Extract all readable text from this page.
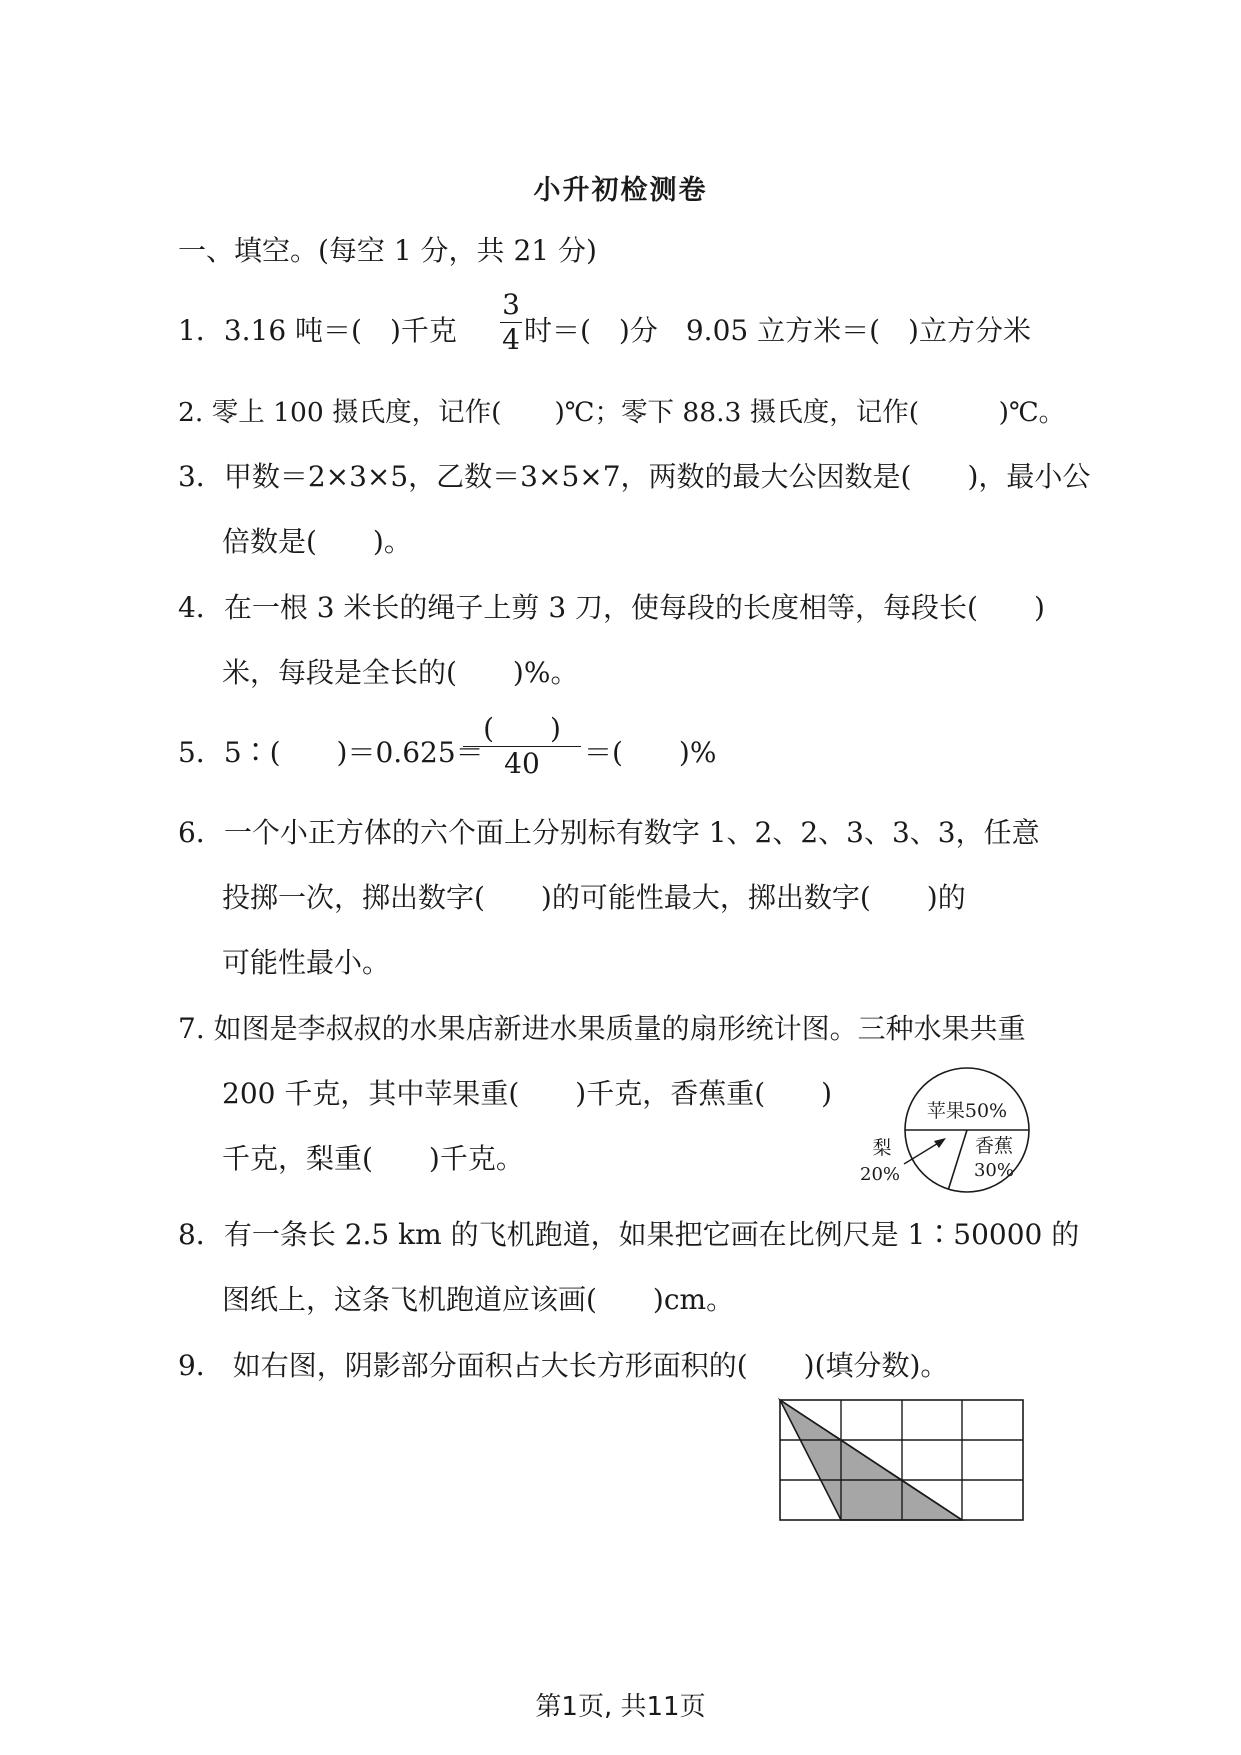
小升初检测卷
一、填空。(每空 1 分，共 21 分)
1．3.16 吨＝(　)千克
3
4 时＝(　)分　9.05 立方米＝(　)立方分米
2. 零上 100 摄氏度，记作(　　)℃；零下 88.3 摄氏度，记作(　　　)℃。
3．甲数＝2×3×5，乙数＝3×5×7，两数的最大公因数是(　　)，最小公
倍数是(　　)。
4．在一根 3 米长的绳子上剪 3 刀，使每段的长度相等，每段长(　　)
米，每段是全长的(　　)%。
5．5∶(　　)＝0.625＝
(　　)
40	＝(　　)%
6．一个小正方体的六个面上分别标有数字 1、2、2、3、3、3，任意
投掷一次，掷出数字(　　)的可能性最大，掷出数字(　　)的
可能性最小。
7. 如图是李叔叔的水果店新进水果质量的扇形统计图。三种水果共重
200 千克，其中苹果重(　　)千克，香蕉重(　　)
千克，梨重(　　)千克。
苹果50%
香蕉
30%
梨
20%
8．有一条长 2.5 km 的飞机跑道，如果把它画在比例尺是 1∶50000 的
图纸上，这条飞机跑道应该画(　　)cm。
9． 如右图，阴影部分面积占大长方形面积的(　　)(填分数)。
第1页, 共11页
